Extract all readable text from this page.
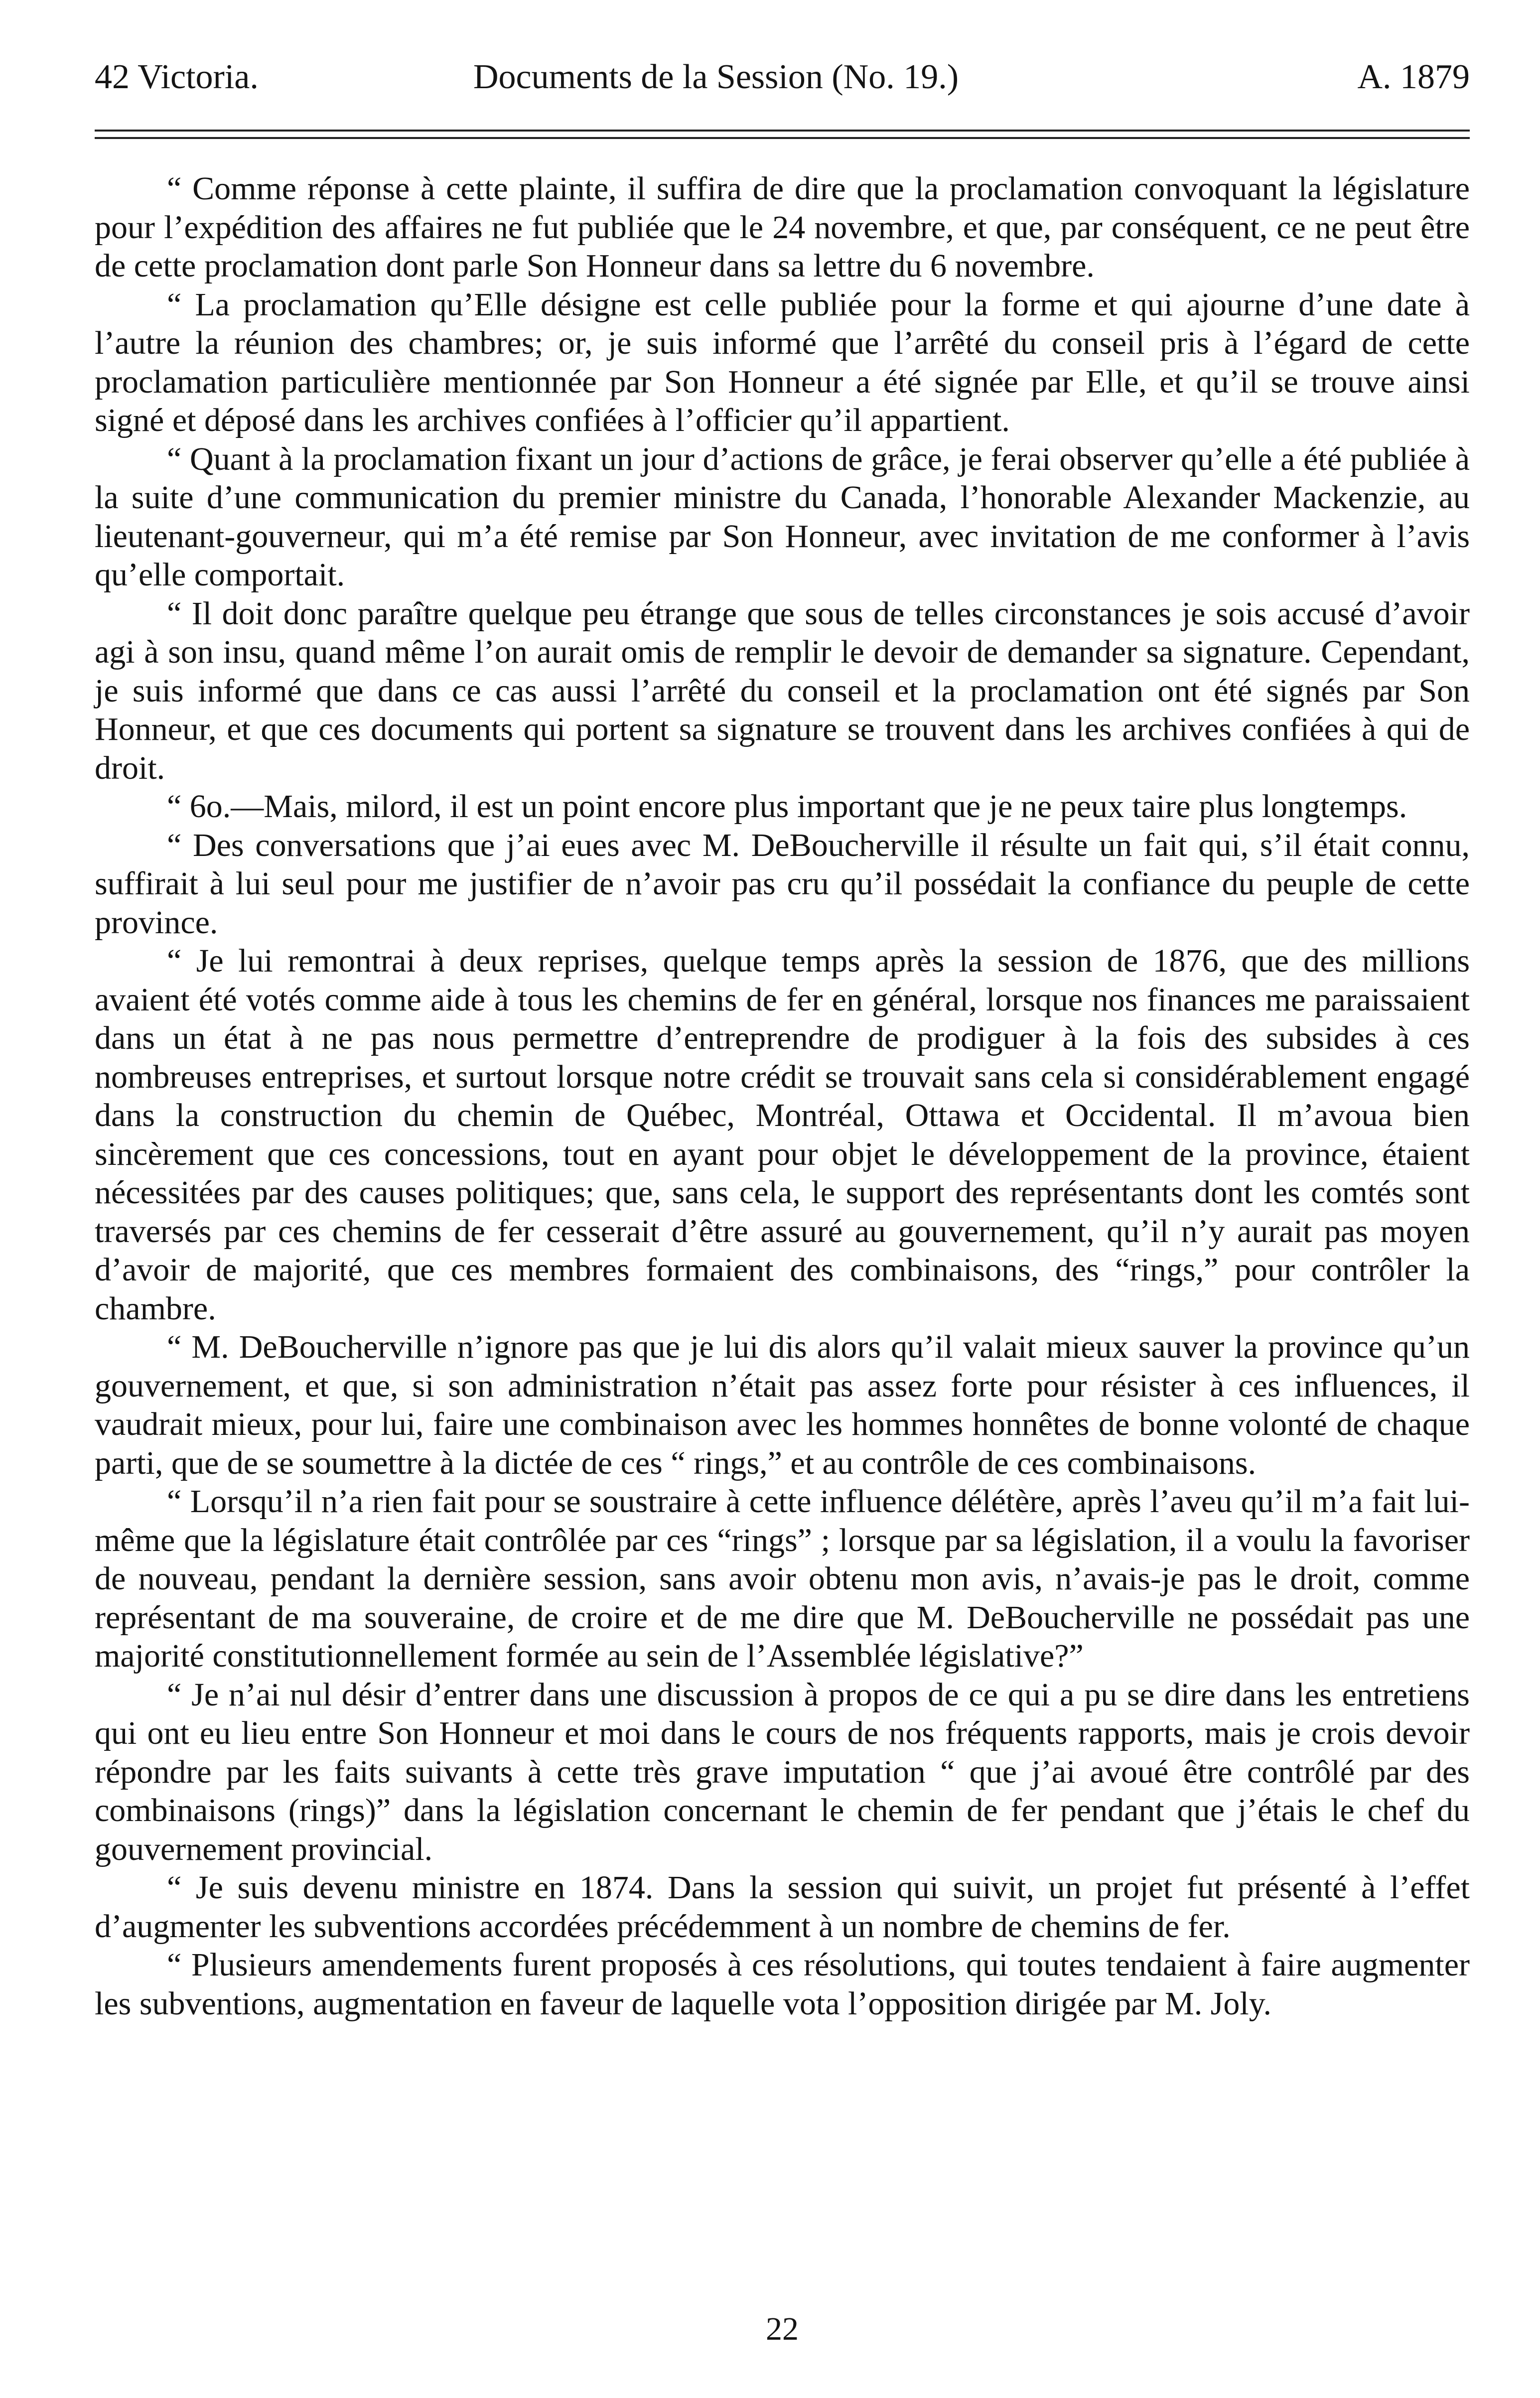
42 Victoria.	Documents de la Session (No. 19.)	A. 1879

“ Comme réponse à cette plainte, il suffira de dire que la proclamation convoquant la législature pour l’expédition des affaires ne fut publiée que le 24 novembre, et que, par conséquent, ce ne peut être de cette proclamation dont parle Son Honneur dans sa lettre du 6 novembre.

“ La proclamation qu’Elle désigne est celle publiée pour la forme et qui ajourne d’une date à l’autre la réunion des chambres; or, je suis informé que l’arrêté du conseil pris à l’égard de cette proclamation particulière mentionnée par Son Honneur a été signée par Elle, et qu’il se trouve ainsi signé et déposé dans les archives confiées à l’officier qu’il appartient.

“ Quant à la proclamation fixant un jour d’actions de grâce, je ferai observer qu’elle a été publiée à la suite d’une communication du premier ministre du Canada, l’honorable Alexander Mackenzie, au lieutenant-gouverneur, qui m’a été remise par Son Honneur, avec invitation de me conformer à l’avis qu’elle comportait.

“ Il doit donc paraître quelque peu étrange que sous de telles circonstances je sois accusé d’avoir agi à son insu, quand même l’on aurait omis de remplir le devoir de demander sa signature. Cependant, je suis informé que dans ce cas aussi l’arrêté du conseil et la proclamation ont été signés par Son Honneur, et que ces documents qui portent sa signature se trouvent dans les archives confiées à qui de droit.

“ 6o.—Mais, milord, il est un point encore plus important que je ne peux taire plus longtemps.

“ Des conversations que j’ai eues avec M. DeBoucherville il résulte un fait qui, s’il était connu, suffirait à lui seul pour me justifier de n’avoir pas cru qu’il possédait la confiance du peuple de cette province.

“ Je lui remontrai à deux reprises, quelque temps après la session de 1876, que des millions avaient été votés comme aide à tous les chemins de fer en général, lorsque nos finances me paraissaient dans un état à ne pas nous permettre d’entreprendre de prodiguer à la fois des subsides à ces nombreuses entreprises, et surtout lorsque notre crédit se trouvait sans cela si considérablement engagé dans la construction du chemin de Québec, Montréal, Ottawa et Occidental. Il m’avoua bien sincèrement que ces concessions, tout en ayant pour objet le développement de la province, étaient nécessitées par des causes politiques; que, sans cela, le support des représentants dont les comtés sont traversés par ces chemins de fer cesserait d’être assuré au gouvernement, qu’il n’y aurait pas moyen d’avoir de majorité, que ces membres formaient des combinaisons, des “rings,” pour contrôler la chambre.

“ M. DeBoucherville n’ignore pas que je lui dis alors qu’il valait mieux sauver la province qu’un gouvernement, et que, si son administration n’était pas assez forte pour résister à ces influences, il vaudrait mieux, pour lui, faire une combinaison avec les hommes honnêtes de bonne volonté de chaque parti, que de se soumettre à la dictée de ces “ rings,” et au contrôle de ces combinaisons.

“ Lorsqu’il n’a rien fait pour se soustraire à cette influence délétère, après l’aveu qu’il m’a fait lui-même que la législature était contrôlée par ces “rings” ; lorsque par sa législation, il a voulu la favoriser de nouveau, pendant la dernière session, sans avoir obtenu mon avis, n’avais-je pas le droit, comme représentant de ma souveraine, de croire et de me dire que M. DeBoucherville ne possédait pas une majorité constitutionnellement formée au sein de l’Assemblée législative?”

“ Je n’ai nul désir d’entrer dans une discussion à propos de ce qui a pu se dire dans les entretiens qui ont eu lieu entre Son Honneur et moi dans le cours de nos fréquents rapports, mais je crois devoir répondre par les faits suivants à cette très grave imputation “ que j’ai avoué être contrôlé par des combinaisons (rings)” dans la législation concernant le chemin de fer pendant que j’étais le chef du gouvernement provincial.

“ Je suis devenu ministre en 1874. Dans la session qui suivit, un projet fut présenté à l’effet d’augmenter les subventions accordées précédemment à un nombre de chemins de fer.

“ Plusieurs amendements furent proposés à ces résolutions, qui toutes tendaient à faire augmenter les subventions, augmentation en faveur de laquelle vota l’opposition dirigée par M. Joly.

22
